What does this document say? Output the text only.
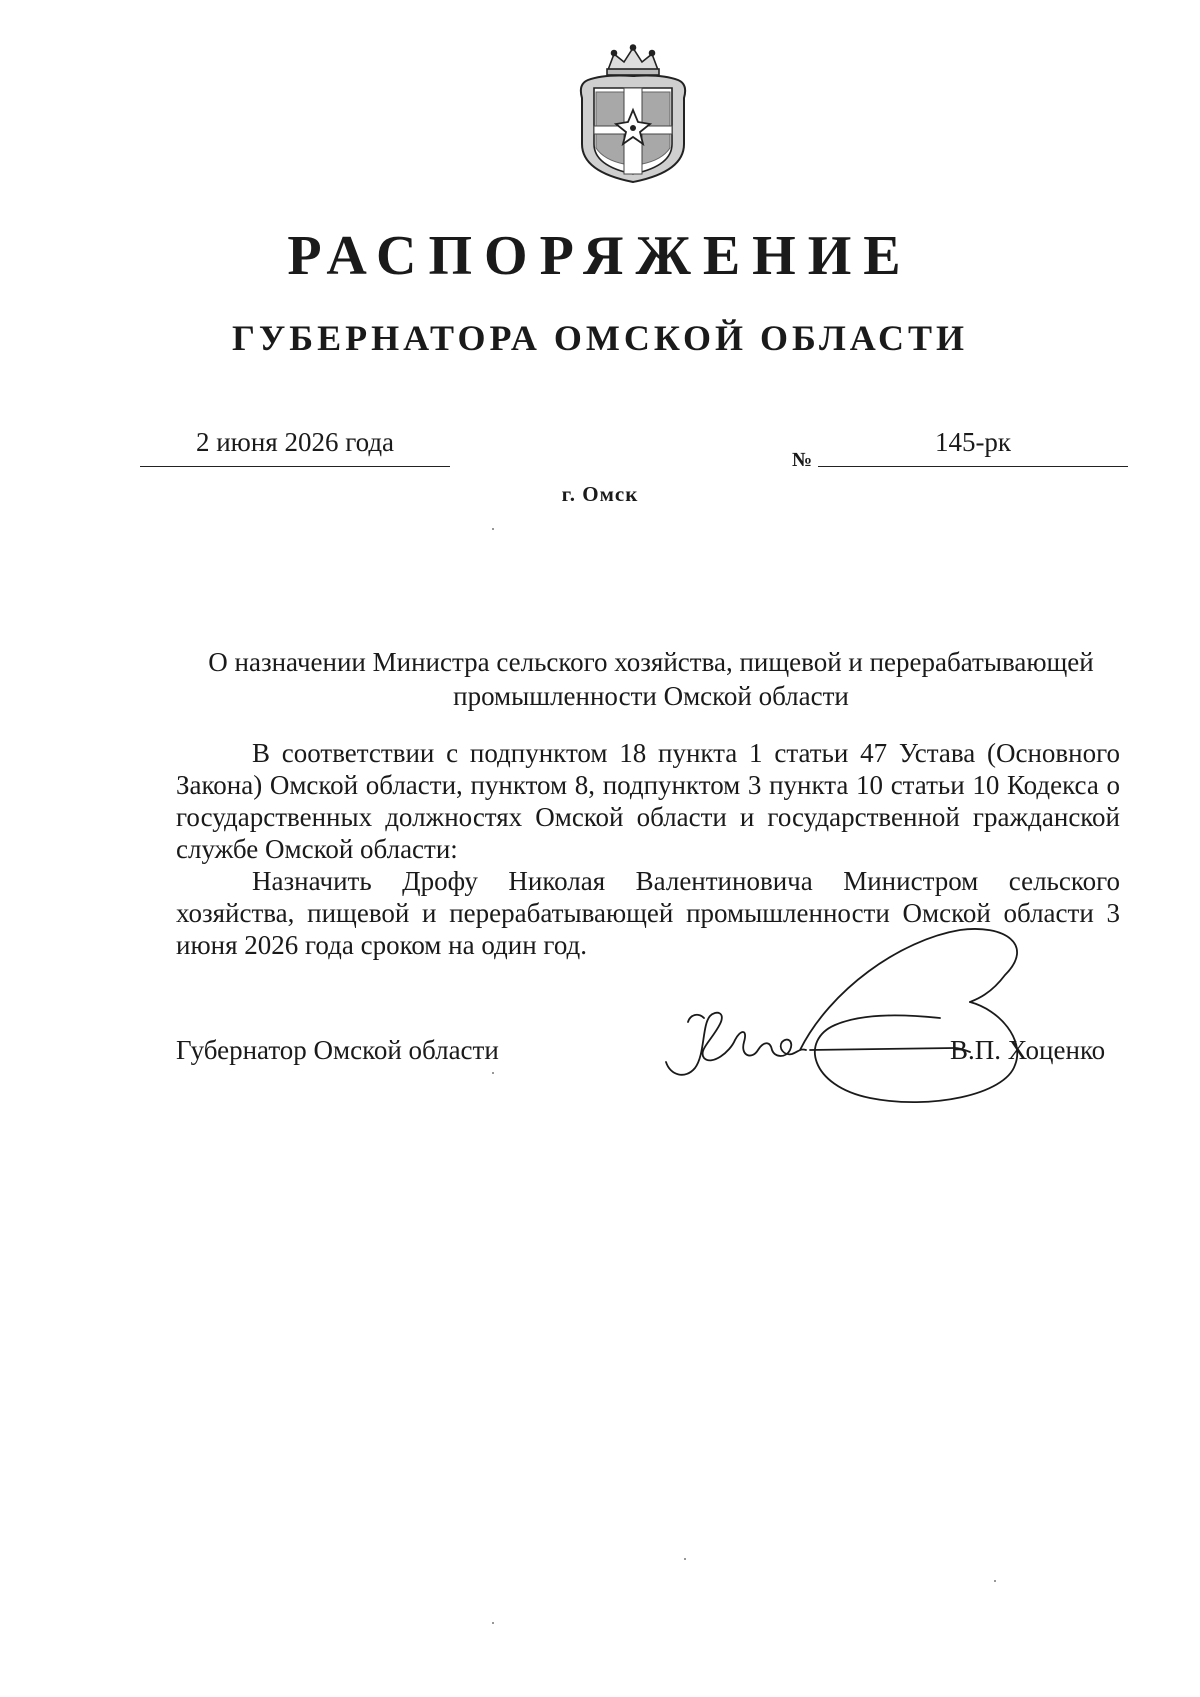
РАСПОРЯЖЕНИЕ
ГУБЕРНАТОРА ОМСКОЙ ОБЛАСТИ
2 июня 2026 года
№
145-рк
г. Омск
О назначении Министра сельского хозяйства, пищевой и перерабатывающей промышленности Омской области

В соответствии с подпунктом 18 пункта 1 статьи 47 Устава (Основного Закона) Омской области, пунктом 8, подпунктом 3 пункта 10 статьи 10 Кодекса о государственных должностях Омской области и государственной гражданской службе Омской области:

Назначить Дрофу Николая Валентиновича Министром сельского хозяйства, пищевой и перерабатывающей промышленности Омской области 3 июня 2026 года сроком на один год.

Губернатор Омской области	В.П. Хоценко
